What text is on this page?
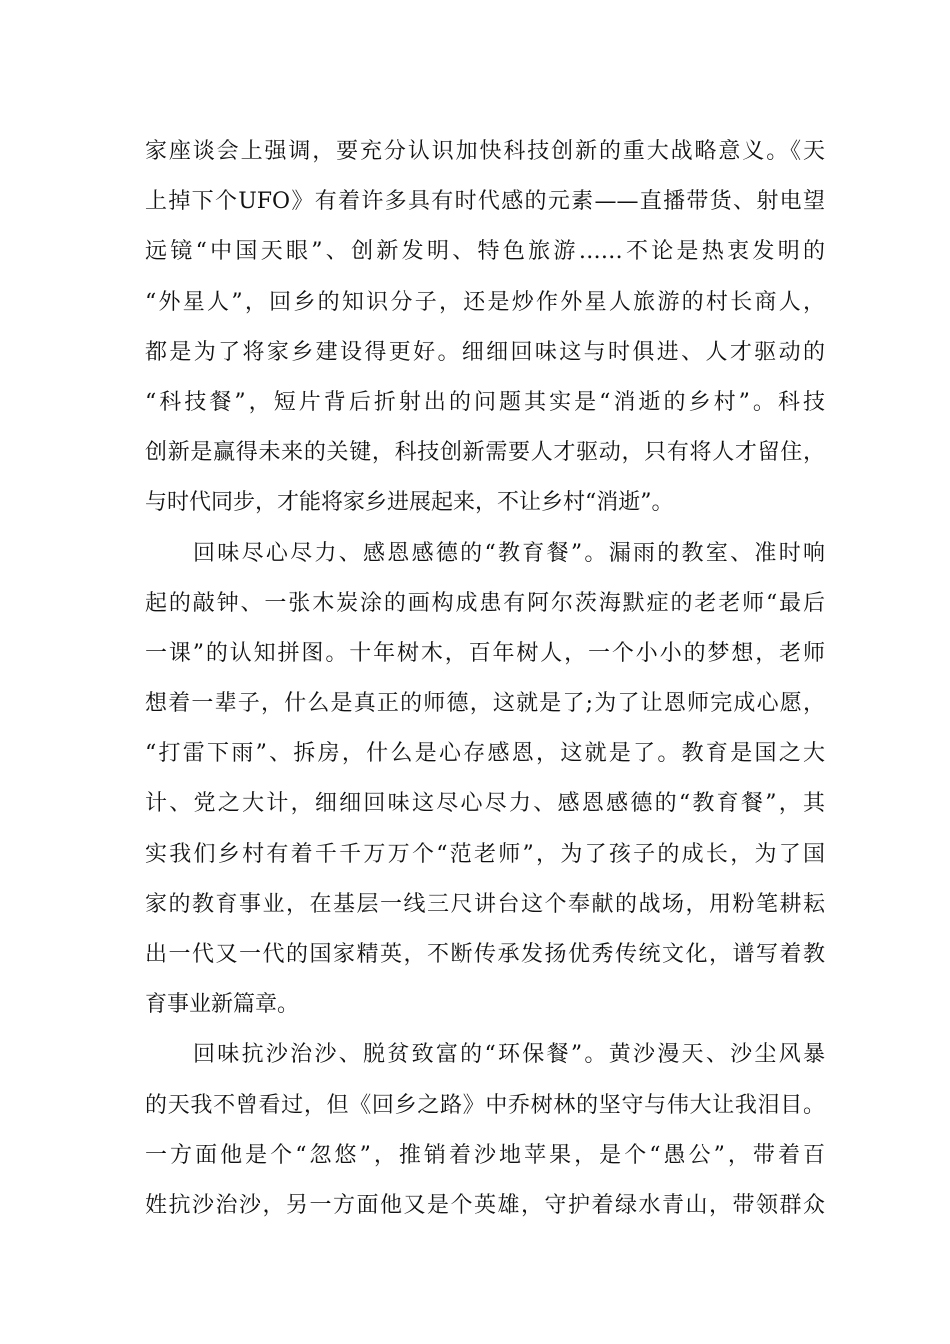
家座谈会上强调，要充分认识加快科技创新的重大战略意义。《天
上掉下个UFO》有着许多具有时代感的元素——直播带货、射电望
远镜“中国天眼”、创新发明、特色旅游……不论是热衷发明的
“外星人”，回乡的知识分子，还是炒作外星人旅游的村长商人，
都是为了将家乡建设得更好。细细回味这与时俱进、人才驱动的
“科技餐”，短片背后折射出的问题其实是“消逝的乡村”。科技
创新是赢得未来的关键，科技创新需要人才驱动，只有将人才留住，
与时代同步，才能将家乡进展起来，不让乡村“消逝”。

回味尽心尽力、感恩感德的“教育餐”。漏雨的教室、准时响
起的敲钟、一张木炭涂的画构成患有阿尔茨海默症的老老师“最后
一课”的认知拼图。十年树木，百年树人，一个小小的梦想，老师
想着一辈子，什么是真正的师德，这就是了;为了让恩师完成心愿，
“打雷下雨”、拆房，什么是心存感恩，这就是了。教育是国之大
计、党之大计，细细回味这尽心尽力、感恩感德的“教育餐”，其
实我们乡村有着千千万万个“范老师”，为了孩子的成长，为了国
家的教育事业，在基层一线三尺讲台这个奉献的战场，用粉笔耕耘
出一代又一代的国家精英，不断传承发扬优秀传统文化，谱写着教
育事业新篇章。

回味抗沙治沙、脱贫致富的“环保餐”。黄沙漫天、沙尘风暴
的天我不曾看过，但《回乡之路》中乔树林的坚守与伟大让我泪目。
一方面他是个“忽悠”，推销着沙地苹果，是个“愚公”，带着百
姓抗沙治沙，另一方面他又是个英雄，守护着绿水青山，带领群众
